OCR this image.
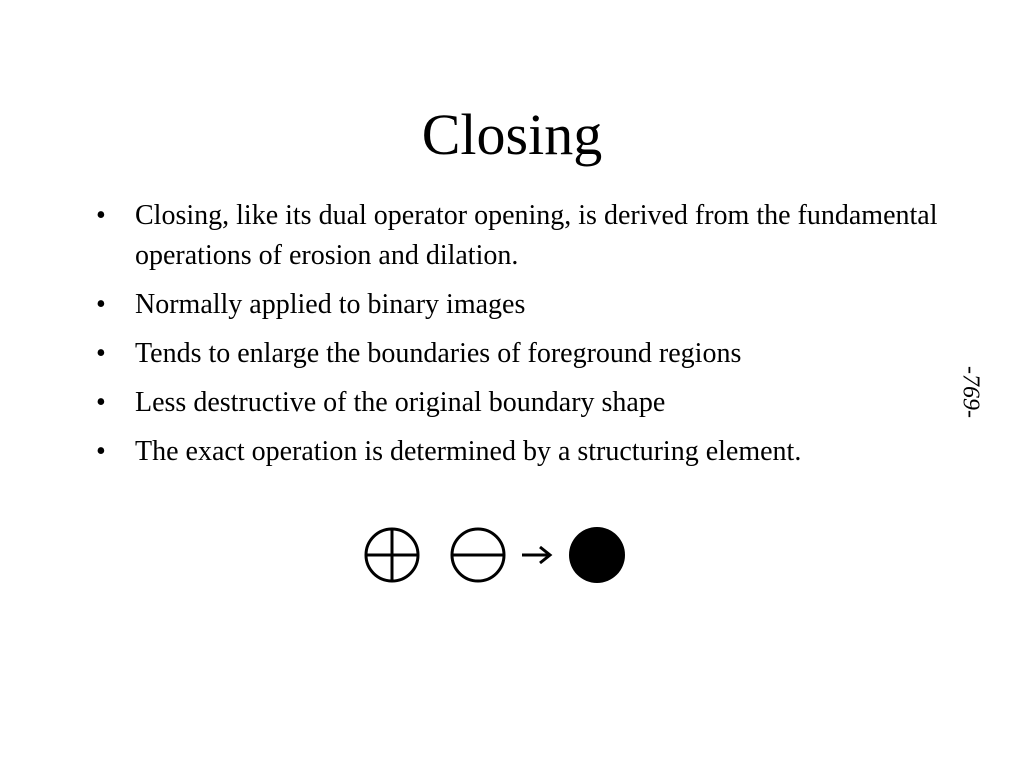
Closing
• Closing, like its dual operator opening, is derived from the fundamental operations of erosion and dilation.
• Normally applied to binary images
• Tends to enlarge the boundaries of foreground regions
• Less destructive of the original boundary shape
• The exact operation is determined by a structuring element.
-769-
